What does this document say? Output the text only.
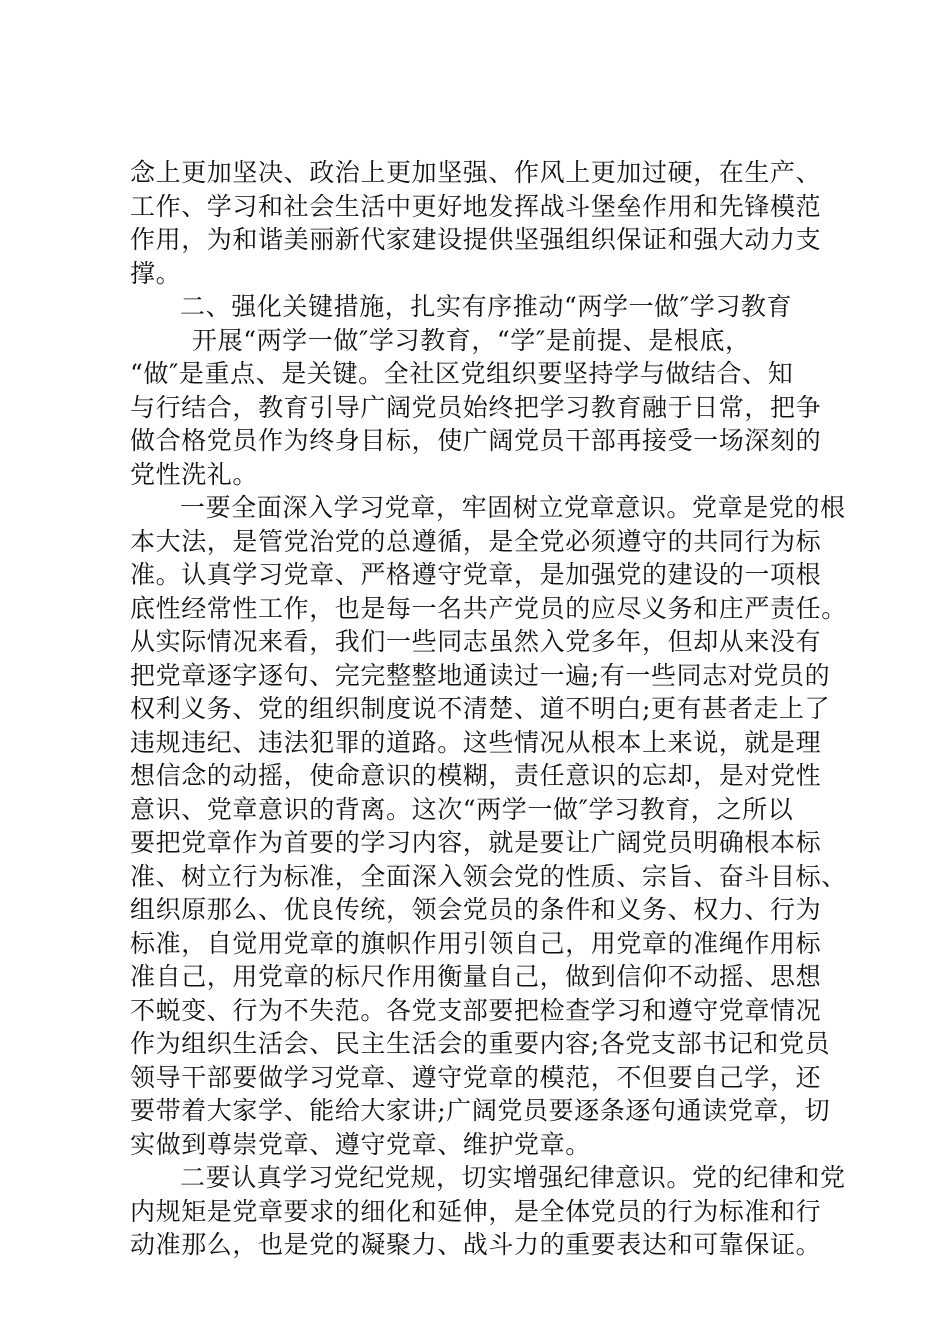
念上更加坚决、政治上更加坚强、作风上更加过硬，在生产、
工作、学习和社会生活中更好地发挥战斗堡垒作用和先锋模范
作用，为和谐美丽新代家建设提供坚强组织保证和强大动力支
撑。
二、强化关键措施，扎实有序推动“两学一做″学习教育
开展“两学一做″学习教育，“学″是前提、是根底，
“做″是重点、是关键。全社区党组织要坚持学与做结合、知
与行结合，教育引导广阔党员始终把学习教育融于日常，把争
做合格党员作为终身目标，使广阔党员干部再接受一场深刻的
党性洗礼。
一要全面深入学习党章，牢固树立党章意识。党章是党的根
本大法，是管党治党的总遵循，是全党必须遵守的共同行为标
准。认真学习党章、严格遵守党章，是加强党的建设的一项根
底性经常性工作，也是每一名共产党员的应尽义务和庄严责任。
从实际情况来看，我们一些同志虽然入党多年，但却从来没有
把党章逐字逐句、完完整整地通读过一遍;有一些同志对党员的
权利义务、党的组织制度说不清楚、道不明白;更有甚者走上了
违规违纪、违法犯罪的道路。这些情况从根本上来说，就是理
想信念的动摇，使命意识的模糊，责任意识的忘却，是对党性
意识、党章意识的背离。这次“两学一做″学习教育，之所以
要把党章作为首要的学习内容，就是要让广阔党员明确根本标
准、树立行为标准，全面深入领会党的性质、宗旨、奋斗目标、
组织原那么、优良传统，领会党员的条件和义务、权力、行为
标准，自觉用党章的旗帜作用引领自己，用党章的准绳作用标
准自己，用党章的标尺作用衡量自己，做到信仰不动摇、思想
不蜕变、行为不失范。各党支部要把检查学习和遵守党章情况
作为组织生活会、民主生活会的重要内容;各党支部书记和党员
领导干部要做学习党章、遵守党章的模范，不但要自己学，还
要带着大家学、能给大家讲;广阔党员要逐条逐句通读党章，切
实做到尊崇党章、遵守党章、维护党章。
二要认真学习党纪党规，切实增强纪律意识。党的纪律和党
内规矩是党章要求的细化和延伸，是全体党员的行为标准和行
动准那么，也是党的凝聚力、战斗力的重要表达和可靠保证。
